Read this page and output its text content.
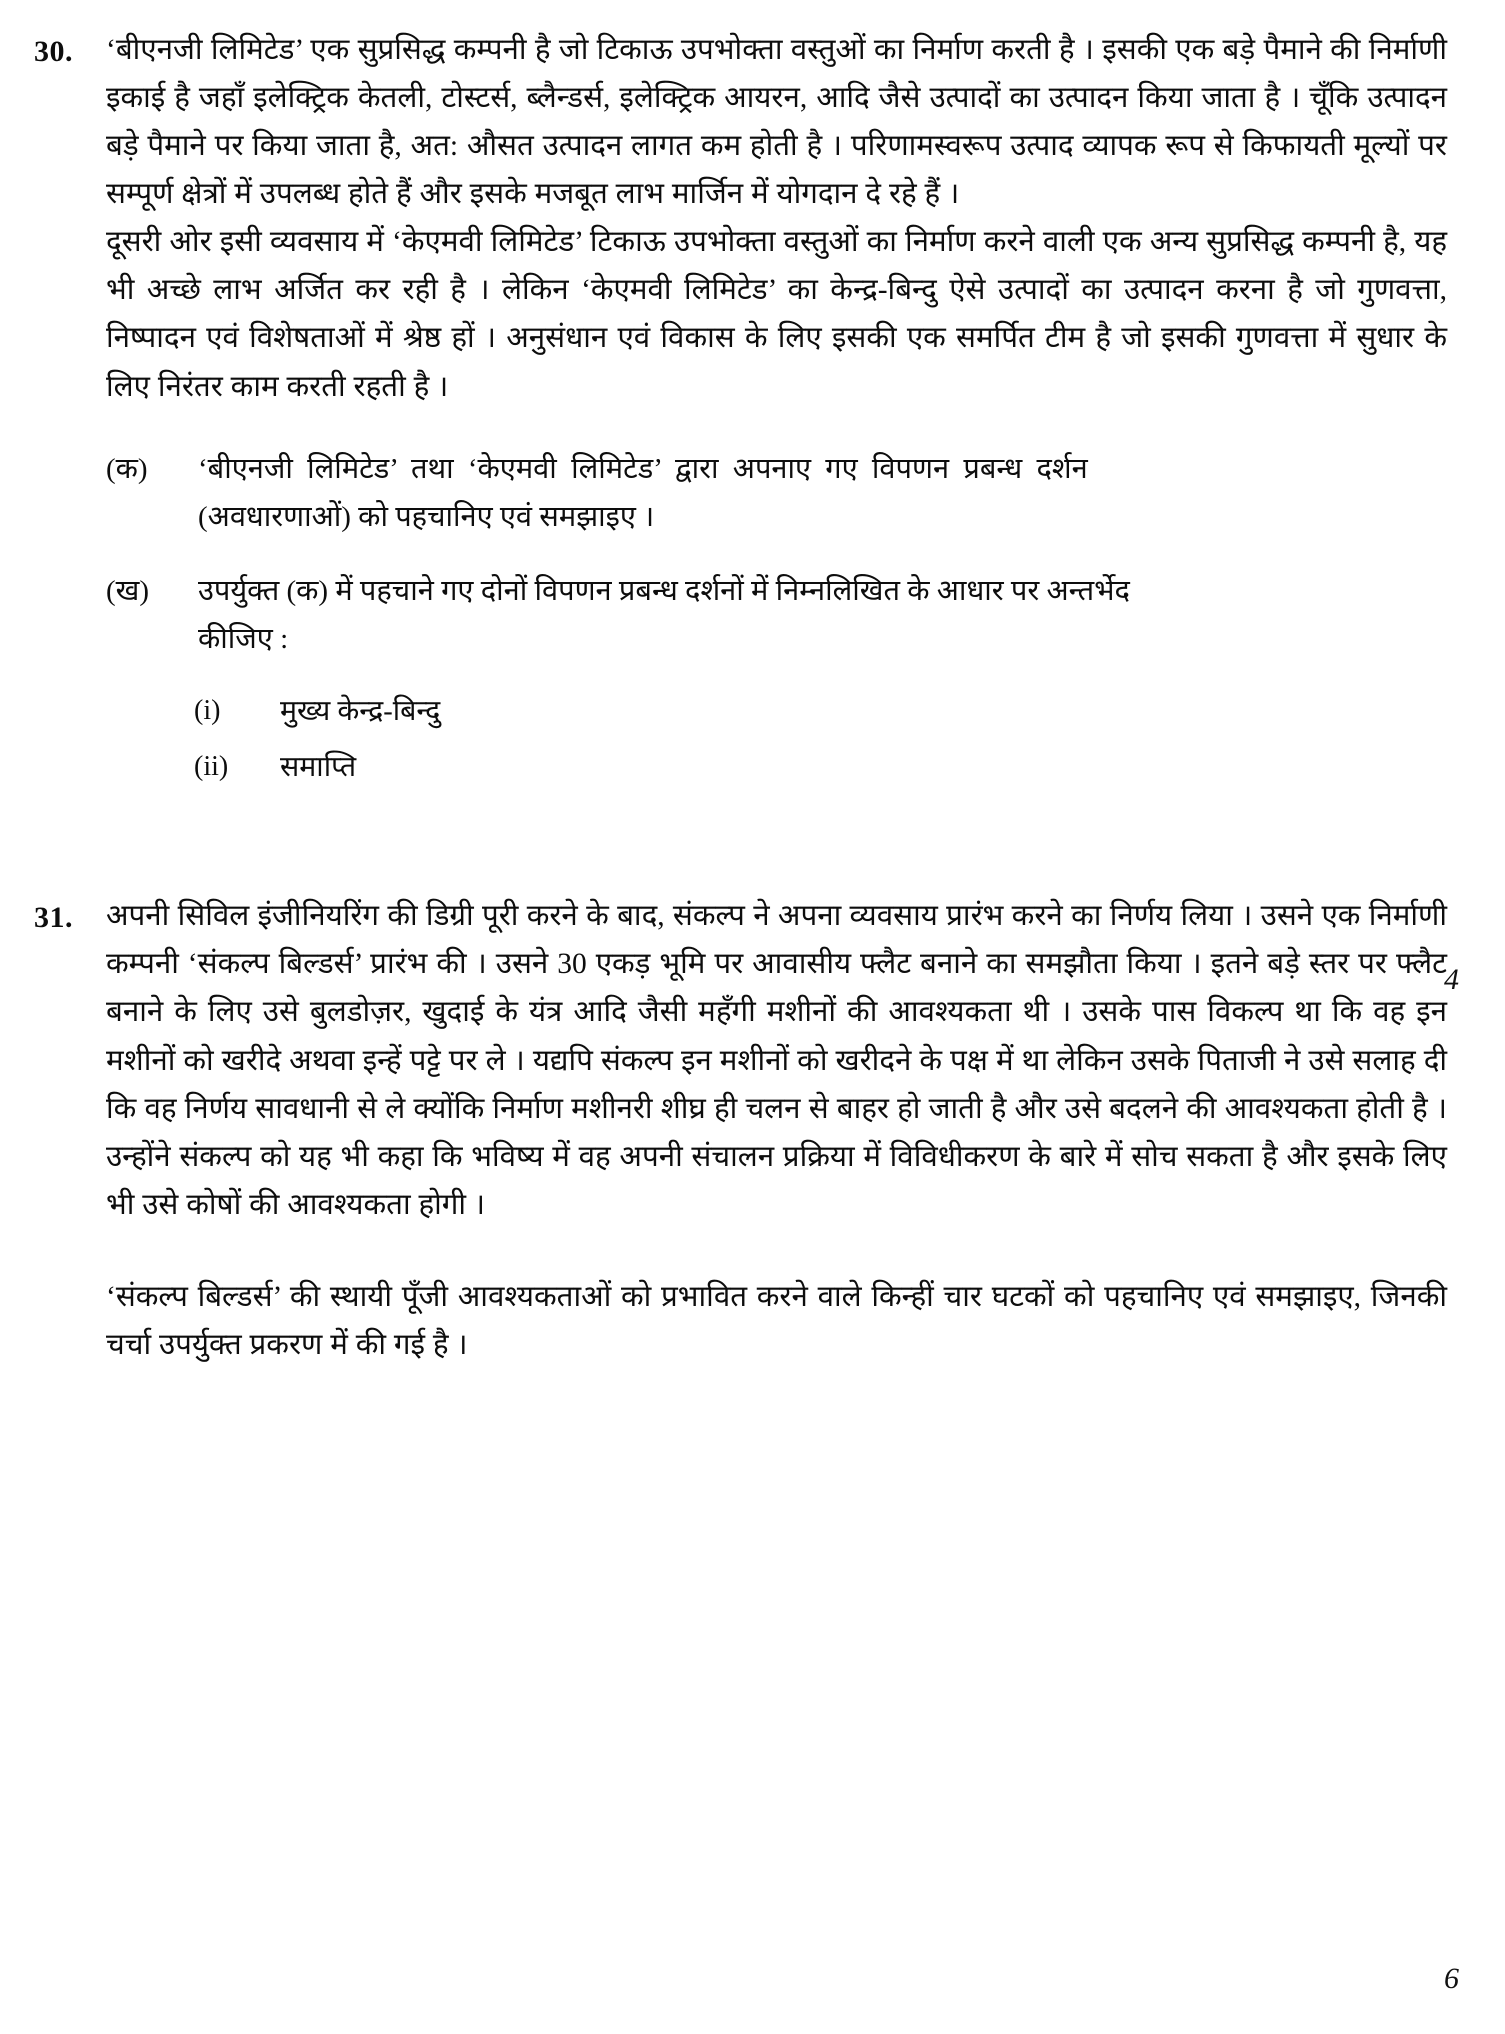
30.	‘बीएनजी लिमिटेड’ एक सुप्रसिद्ध कम्पनी है जो टिकाऊ उपभोक्ता वस्तुओं का निर्माण करती है । इसकी एक बड़े पैमाने की निर्माणी इकाई है जहाँ इलेक्ट्रिक केतली, टोस्टर्स, ब्लैन्डर्स, इलेक्ट्रिक आयरन, आदि जैसे उत्पादों का उत्पादन किया जाता है । चूँकि उत्पादन बड़े पैमाने पर किया जाता है, अत: औसत उत्पादन लागत कम होती है । परिणामस्वरूप उत्पाद व्यापक रूप से किफायती मूल्यों पर सम्पूर्ण क्षेत्रों में उपलब्ध होते हैं और इसके मजबूत लाभ मार्जिन में योगदान दे रहे हैं ।

दूसरी ओर इसी व्यवसाय में ‘केएमवी लिमिटेड’ टिकाऊ उपभोक्ता वस्तुओं का निर्माण करने वाली एक अन्य सुप्रसिद्ध कम्पनी है, यह भी अच्छे लाभ अर्जित कर रही है । लेकिन ‘केएमवी लिमिटेड’ का केन्द्र-बिन्दु ऐसे उत्पादों का उत्पादन करना है जो गुणवत्ता, निष्पादन एवं विशेषताओं में श्रेष्ठ हों । अनुसंधान एवं विकास के लिए इसकी एक समर्पित टीम है जो इसकी गुणवत्ता में सुधार के लिए निरंतर काम करती रहती है ।

(क)	‘बीएनजी लिमिटेड’ तथा ‘केएमवी लिमिटेड’ द्वारा अपनाए गए विपणन प्रबन्ध दर्शन
(अवधारणाओं) को पहचानिए एवं समझाइए ।
(ख)	उपर्युक्त (क) में पहचाने गए दोनों विपणन प्रबन्ध दर्शनों में निम्नलिखित के आधार पर अन्तर्भेद
कीजिए :
(i)	मुख्य केन्द्र-बिन्दु
(ii)	समाप्ति
31.	अपनी सिविल इंजीनियरिंग की डिग्री पूरी करने के बाद, संकल्प ने अपना व्यवसाय प्रारंभ करने का निर्णय लिया । उसने एक निर्माणी कम्पनी ‘संकल्प बिल्डर्स’ प्रारंभ की । उसने 30 एकड़ भूमि पर आवासीय फ्लैट बनाने का समझौता किया । इतने बड़े स्तर पर फ्लैट बनाने के लिए उसे बुलडोज़र, खुदाई के यंत्र आदि जैसी महँगी मशीनों की आवश्यकता थी । उसके पास विकल्प था कि वह इन मशीनों को खरीदे अथवा इन्हें पट्टे पर ले । यद्यपि संकल्प इन मशीनों को खरीदने के पक्ष में था लेकिन उसके पिताजी ने उसे सलाह दी कि वह निर्णय सावधानी से ले क्योंकि निर्माण मशीनरी शीघ्र ही चलन से बाहर हो जाती है और उसे बदलने की आवश्यकता होती है । उन्होंने संकल्प को यह भी कहा कि भविष्य में वह अपनी संचालन प्रक्रिया में विविधीकरण के बारे में सोच सकता है और इसके लिए भी उसे कोषों की आवश्यकता होगी ।

‘संकल्प बिल्डर्स’ की स्थायी पूँजी आवश्यकताओं को प्रभावित करने वाले किन्हीं चार घटकों को पहचानिए एवं समझाइए, जिनकी चर्चा उपर्युक्त प्रकरण में की गई है ।

4
6
